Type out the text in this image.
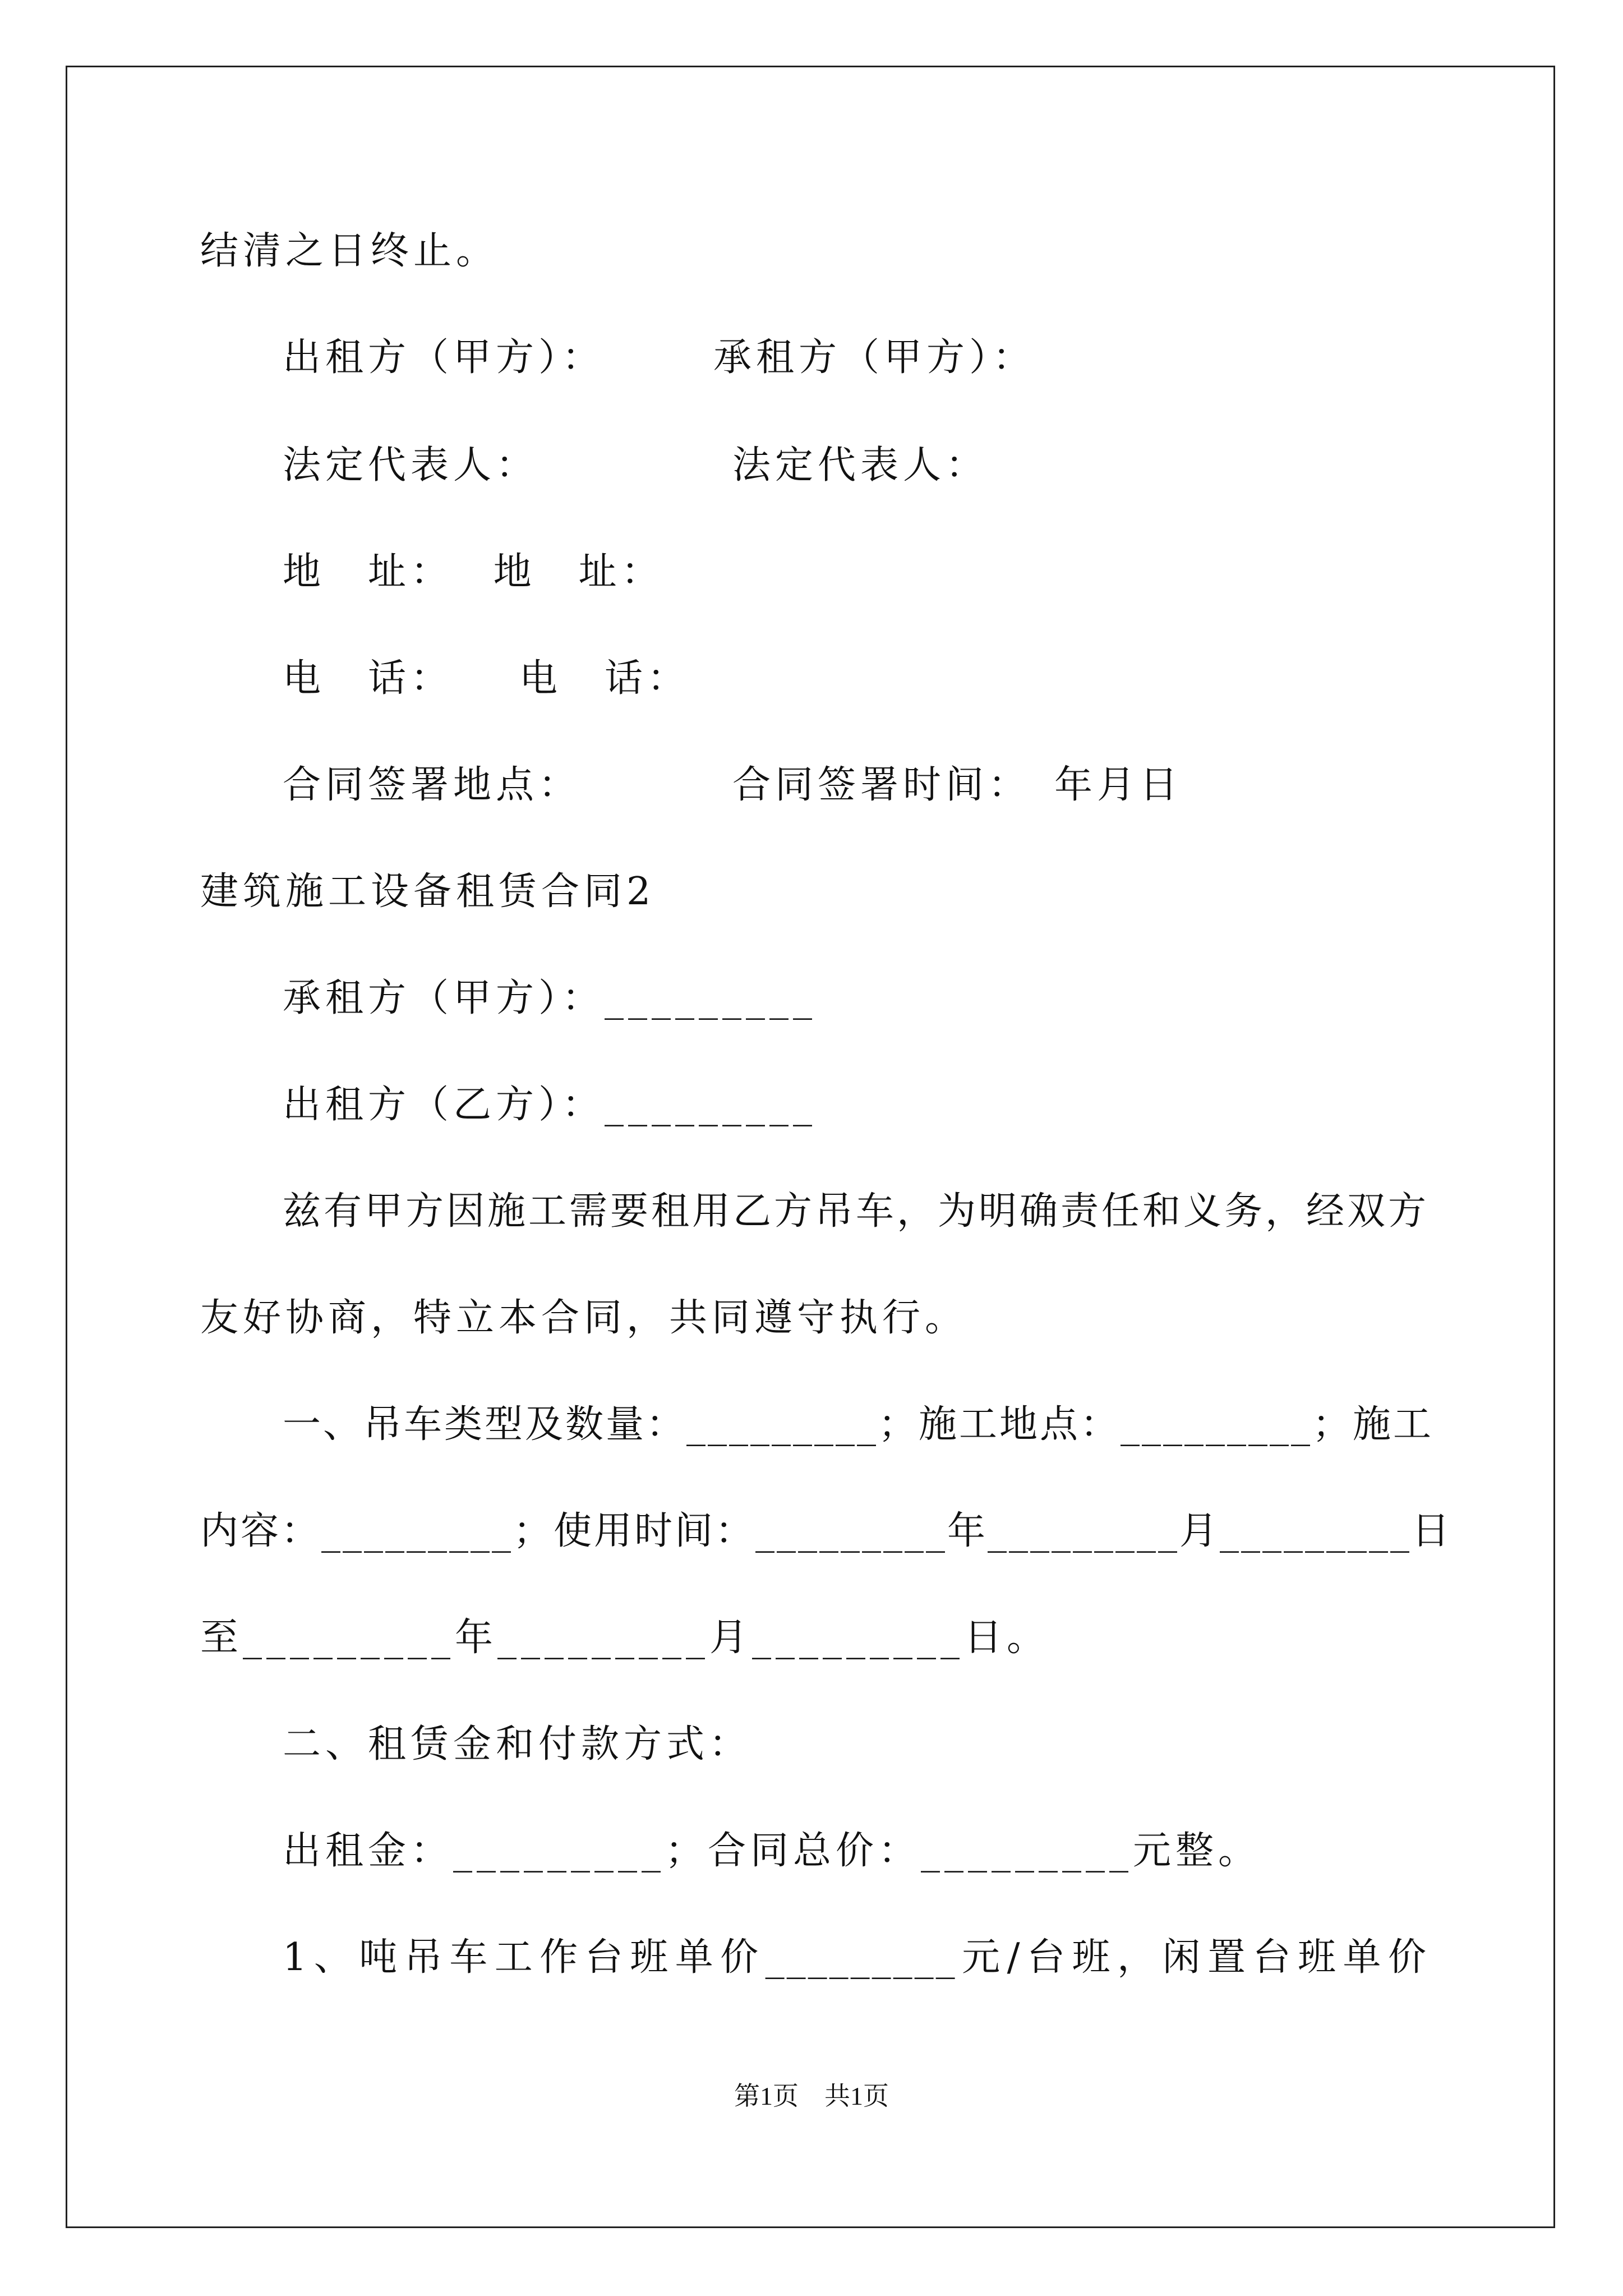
结清之日终止。
出租方（甲方）：　　　承租方（甲方）：
法定代表人：　　　　　法定代表人：
地　址：　 地　址：
电　话：　　电　话：
合同签署地点：　　　　合同签署时间：　年月日
建筑施工设备租赁合同2
承租方（甲方）：_________
出租方（乙方）：_________
兹有甲方因施工需要租用乙方吊车，为明确责任和义务，经双方
友好协商，特立本合同，共同遵守执行。
一、吊车类型及数量：_________；施工地点：_________；施工
内容：_________；使用时间：_________年_________月_________日
至_________年_________月_________日。
二、租赁金和付款方式：
出租金：_________；合同总价：_________元整。
1、吨吊车工作台班单价_________元/台班，闲置台班单价
第1页　共1页
